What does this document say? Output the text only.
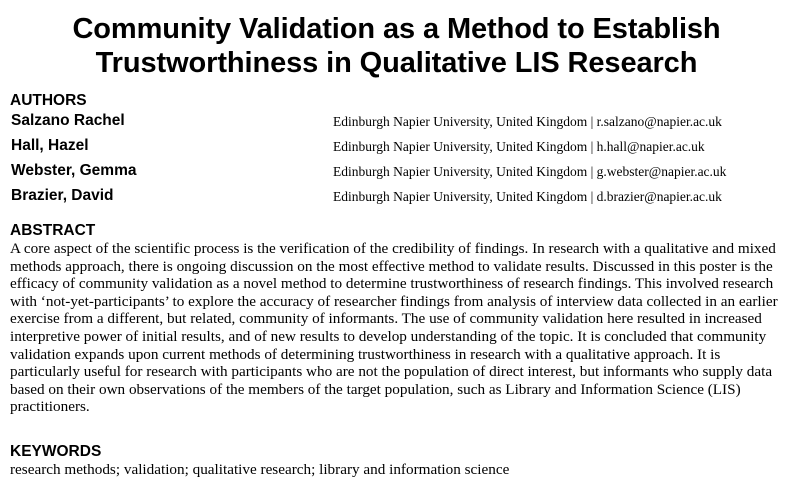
Community Validation as a Method to Establish
Trustworthiness in Qualitative LIS Research
AUTHORS
Salzano Rachel	Edinburgh Napier University, United Kingdom | r.salzano@napier.ac.uk
Hall, Hazel	Edinburgh Napier University, United Kingdom | h.hall@napier.ac.uk
Webster, Gemma	Edinburgh Napier University, United Kingdom | g.webster@napier.ac.uk
Brazier, David	Edinburgh Napier University, United Kingdom | d.brazier@napier.ac.uk
ABSTRACT

A core aspect of the scientific process is the verification of the credibility of findings. In research with a qualitative and mixed methods approach, there is ongoing discussion on the most effective method to validate results. Discussed in this poster is the efficacy of community validation as a novel method to determine trustworthiness of research findings. This involved research with ‘not-yet-participants’ to explore the accuracy of researcher findings from analysis of interview data collected in an earlier exercise from a different, but related, community of informants. The use of community validation here resulted in increased interpretive power of initial results, and of new results to develop understanding of the topic. It is concluded that community validation expands upon current methods of determining trustworthiness in research with a qualitative approach. It is particularly useful for research with participants who are not the population of direct interest, but informants who supply data based on their own observations of the members of the target population, such as Library and Information Science (LIS) practitioners.

KEYWORDS

research methods; validation; qualitative research; library and information science
